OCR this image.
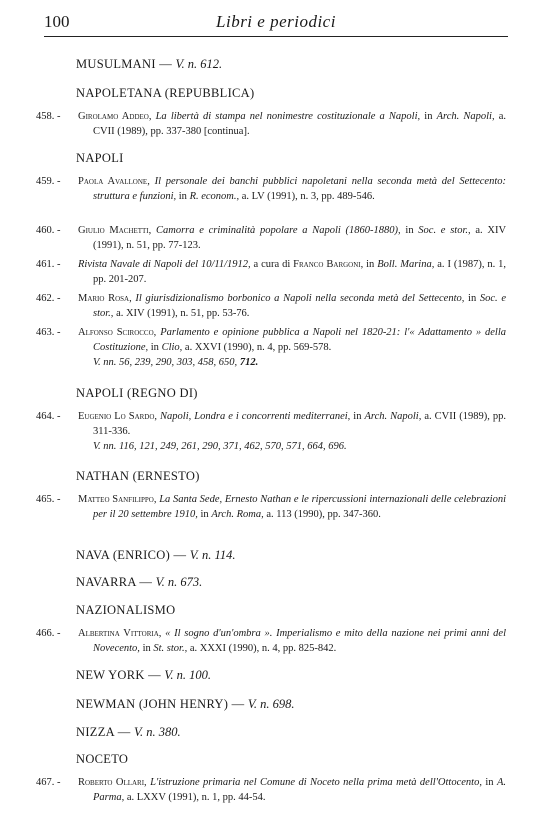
100	Libri e periodici
MUSULMANI — V. n. 612.
NAPOLETANA (REPUBBLICA)
458. -	Girolamo Addeo, La libertà di stampa nel nonimestre costituzionale a Napoli, in Arch. Napoli, a. CVII (1989), pp. 337-380 [continua].
NAPOLI
459. -	Paola Avallone, Il personale dei banchi pubblici napoletani nella seconda metà del Settecento: struttura e funzioni, in R. econom., a. LV (1991), n. 3, pp. 489-546.
460. -	Giulio Machetti, Camorra e criminalità popolare a Napoli (1860-1880), in Soc. e stor., a. XIV (1991), n. 51, pp. 77-123.
461. -	Rivista Navale di Napoli del 10/11/1912, a cura di Franco Bargoni, in Boll. Marina, a. I (1987), n. 1, pp. 201-207.
462. -	Mario Rosa, Il giurisdizionalismo borbonico a Napoli nella seconda metà del Settecento, in Soc. e stor., a. XIV (1991), n. 51, pp. 53-76.
463. -	Alfonso Scirocco, Parlamento e opinione pubblica a Napoli nel 1820-21: l'« Adattamento » della Costituzione, in Clio, a. XXVI (1990), n. 4, pp. 569-578.
V. nn. 56, 239, 290, 303, 458, 650, 712.
NAPOLI (REGNO DI)
464. -	Eugenio Lo Sardo, Napoli, Londra e i concorrenti mediterranei, in Arch. Napoli, a. CVII (1989), pp. 311-336.
V. nn. 116, 121, 249, 261, 290, 371, 462, 570, 571, 664, 696.
NATHAN (ERNESTO)
465. -	Matteo Sanfilippo, La Santa Sede, Ernesto Nathan e le ripercussioni internazionali delle celebrazioni per il 20 settembre 1910, in Arch. Roma, a. 113 (1990), pp. 347-360.
NAVA (ENRICO) — V. n. 114.
NAVARRA — V. n. 673.
NAZIONALISMO
466. -	Albertina Vittoria, « Il sogno d'un'ombra ». Imperialismo e mito della nazione nei primi anni del Novecento, in St. stor., a. XXXI (1990), n. 4, pp. 825-842.
NEW YORK — V. n. 100.
NEWMAN (JOHN HENRY) — V. n. 698.
NIZZA — V. n. 380.
NOCETO
467. -	Roberto Ollari, L'istruzione primaria nel Comune di Noceto nella prima metà dell'Ottocento, in A. Parma, a. LXXV (1991), n. 1, pp. 44-54.
